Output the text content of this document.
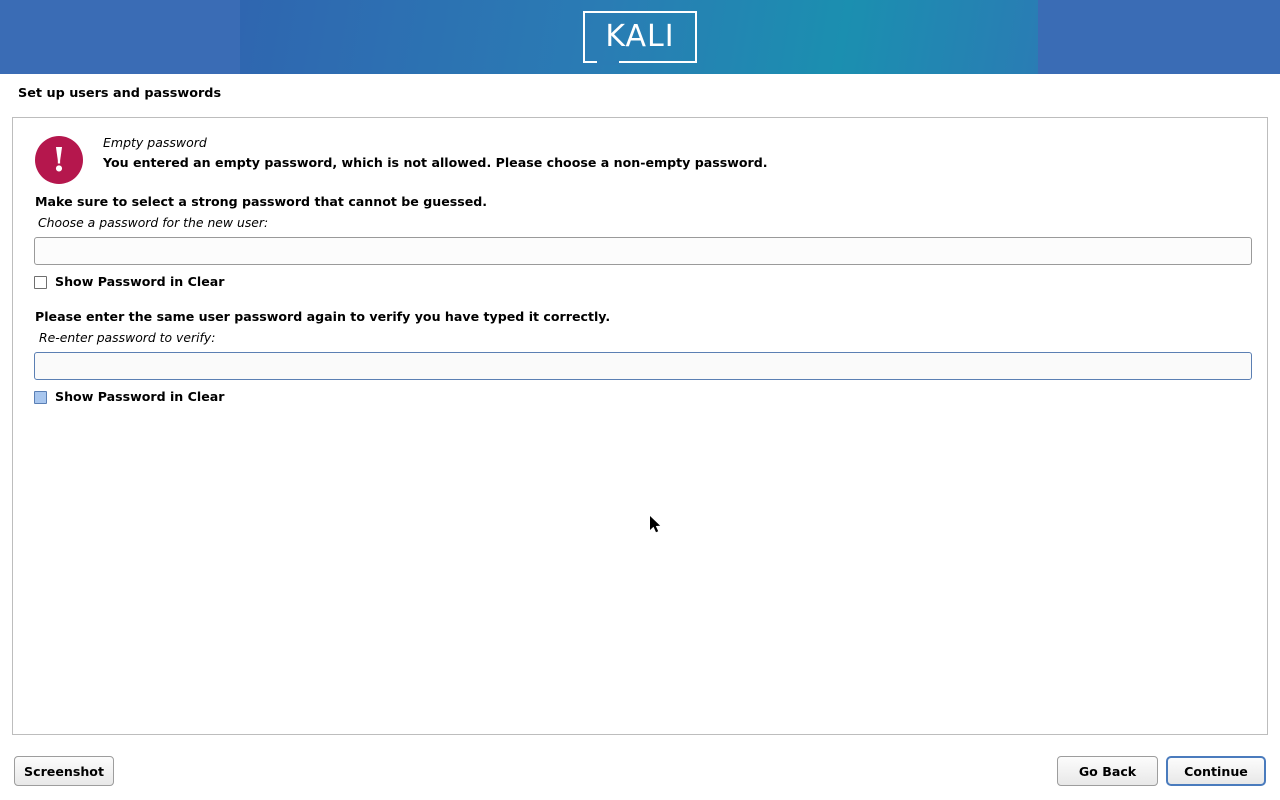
KALI
Set up users and passwords
!	Empty password
You entered an empty password, which is not allowed. Please choose a non-empty password.
Make sure to select a strong password that cannot be guessed.
Choose a password for the new user:
Show Password in Clear
Please enter the same user password again to verify you have typed it correctly.
Re-enter password to verify:
Show Password in Clear
Screenshot	Go Back	Continue
